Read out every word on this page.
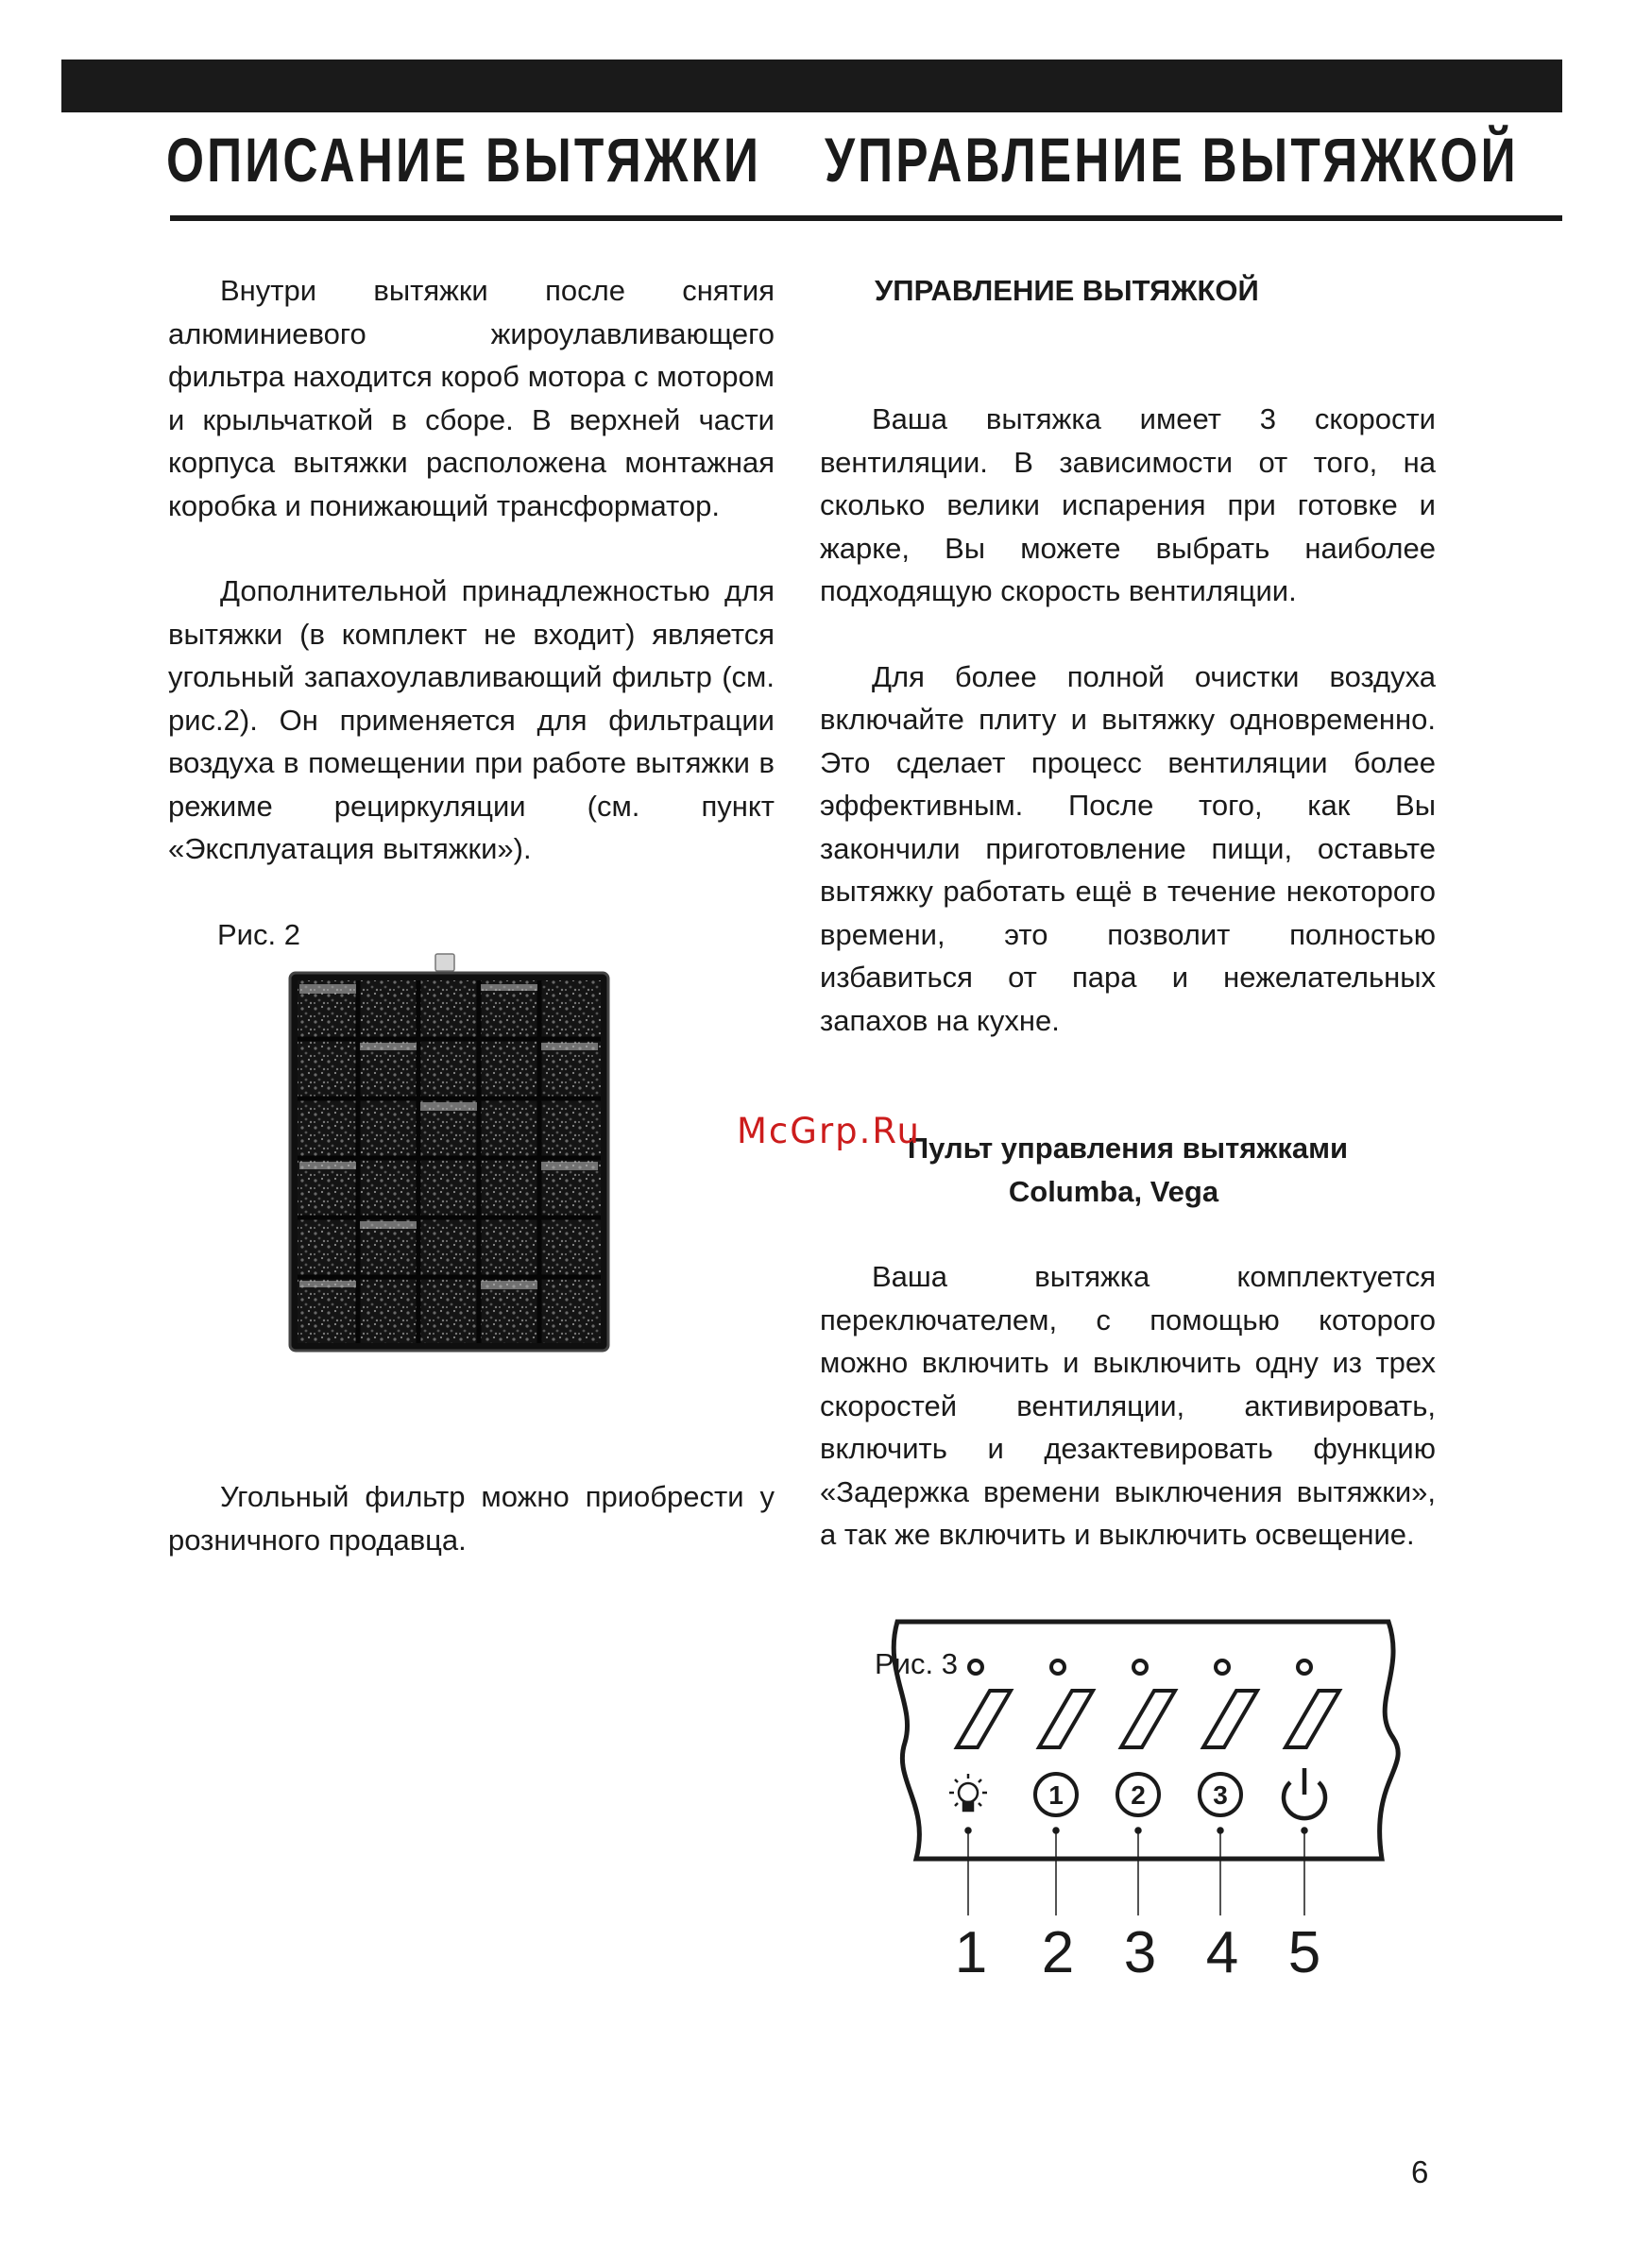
ОПИСАНИЕ ВЫТЯЖКИ УПРАВЛЕНИЕ ВЫТЯЖКОЙ

Внутри вытяжки после снятия алюминиевого жироулавливающего фильтра находится короб мотора с мотором и крыльчаткой в сборе. В верхней части корпуса вытяжки расположена монтажная коробка и понижающий трансформатор.

Дополнительной принадлежностью для вытяжки (в комплект не входит) является угольный запахоулавливающий фильтр (см. рис.2). Он применяется для фильтрации воздуха в помещении при работе вытяжки в режиме рециркуляции (см. пункт «Эксплуатация вытяжки»).

Рис. 2

Угольный фильтр можно приобрести у розничного продавца.

УПРАВЛЕНИЕ ВЫТЯЖКОЙ

Ваша вытяжка имеет 3 скорости вентиляции. В зависимости от того, на сколько велики испарения при готовке и жарке, Вы можете выбрать наиболее подходящую скорость вентиляции.

Для более полной очистки воздуха включайте плиту и вытяжку одновременно. Это сделает процесс вентиляции более эффективным. После того, как Вы закончили приготовление пищи, оставьте вытяжку работать ещё в течение некоторого времени, это позволит полностью избавиться от пара и нежелательных запахов на кухне.

Пульт управления вытяжками

Columba, Vega

Ваша вытяжка комплектуется переключателем, с помощью которого можно включить и выключить одну из трех скоростей вентиляции, активировать, включить и дезактевировать функцию «Задержка времени выключения вытяжки», а так же включить и выключить освещение.

Рис. 3

1	2	3
1 2 3 4 5
McGrp.Ru
6
